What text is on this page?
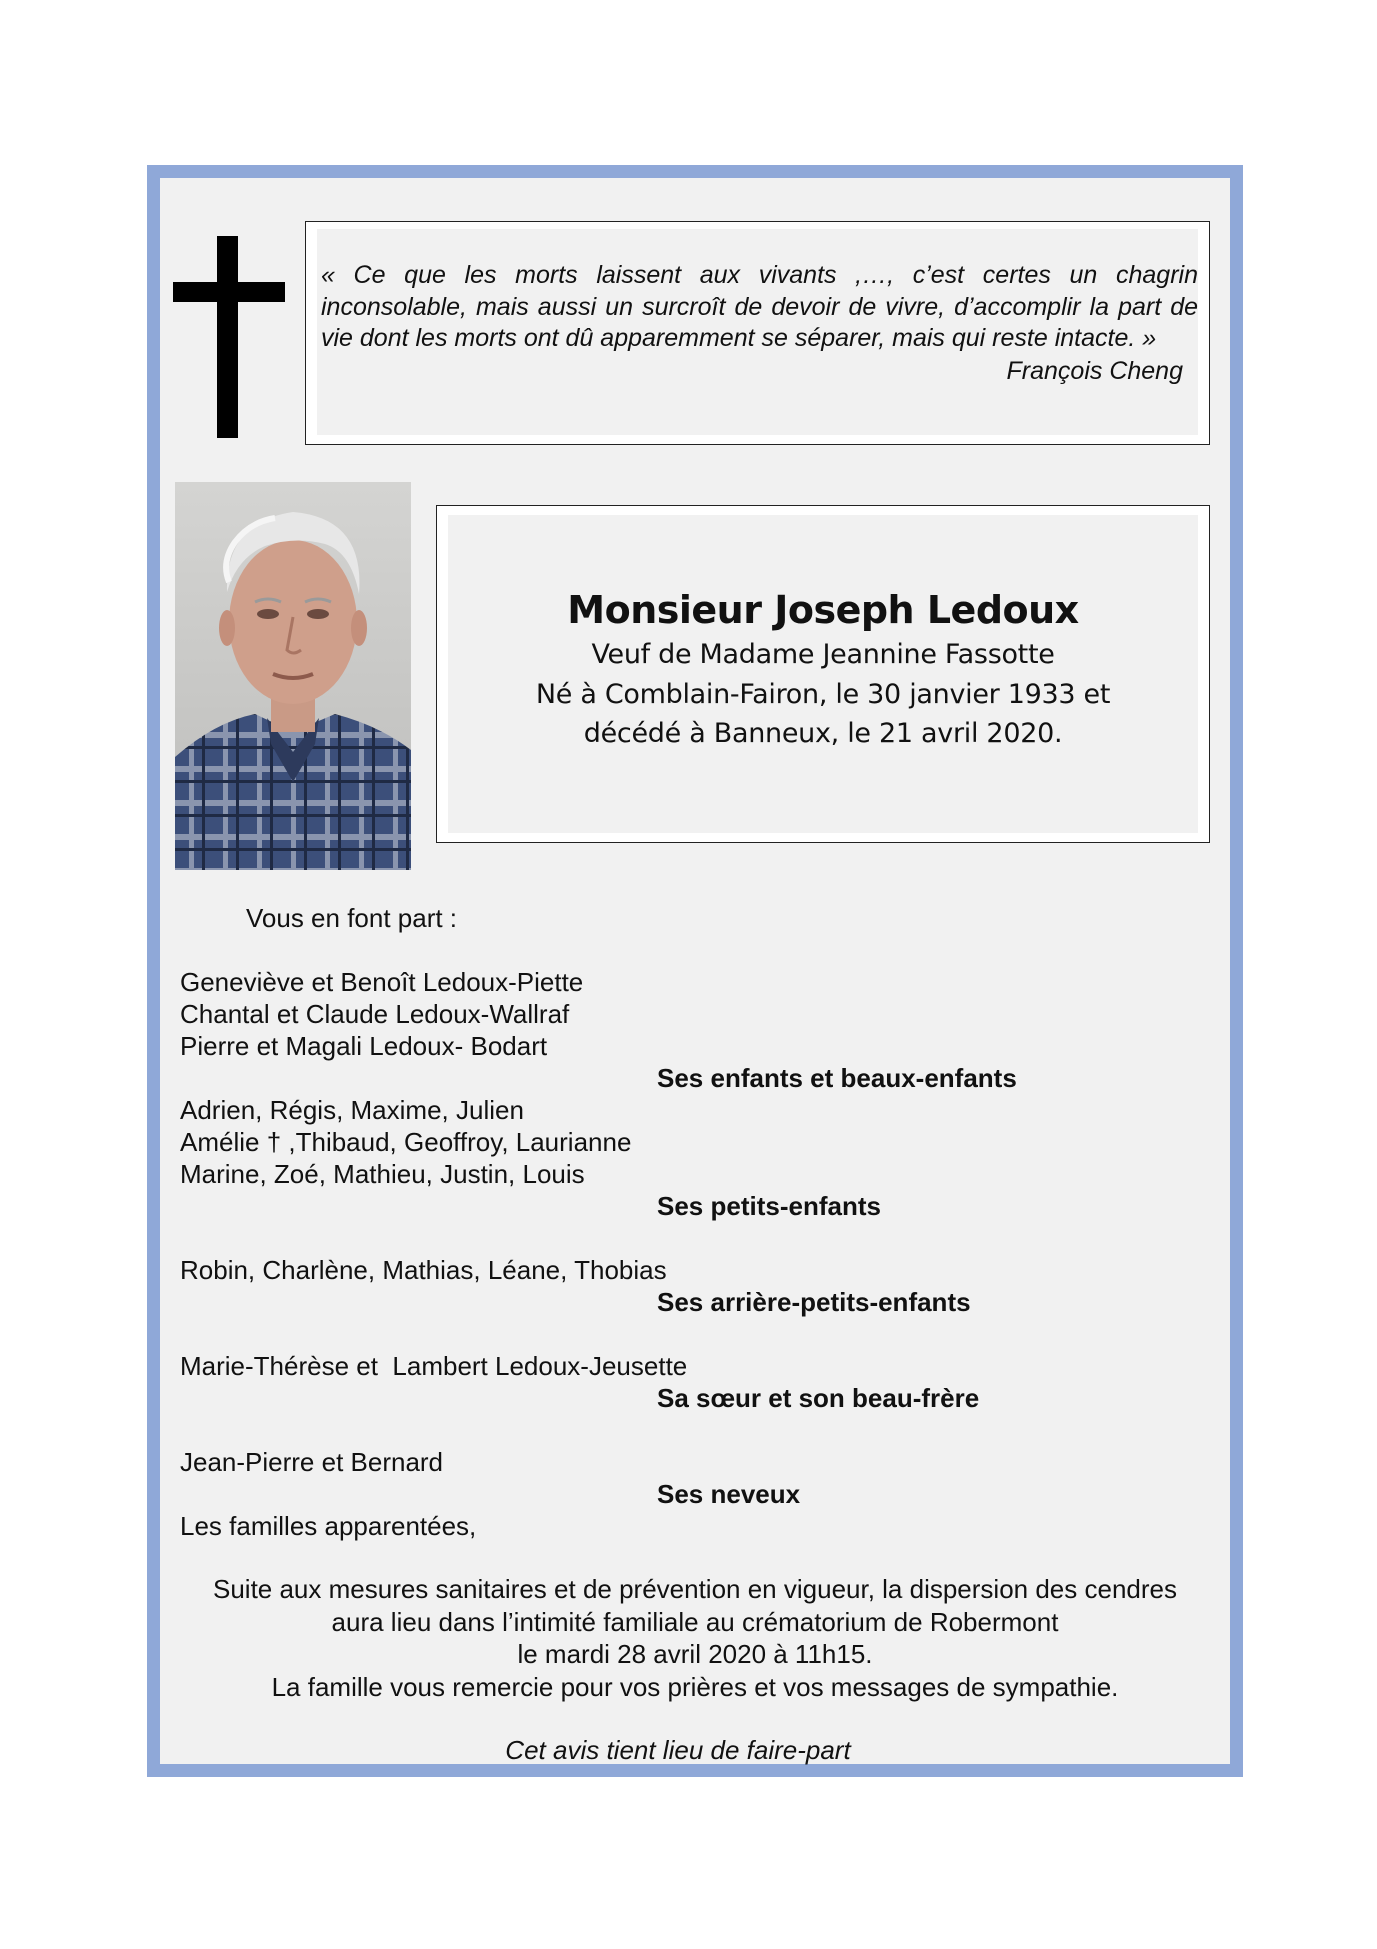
« Ce que les morts laissent aux vivants ,…, c’est certes un chagrin inconsolable, mais aussi un surcroît de devoir de vivre, d’accomplir la part de vie dont les morts ont dû apparemment se séparer, mais qui reste intacte. »

François Cheng

Monsieur Joseph Ledoux

Veuf de Madame Jeannine Fassotte

Né à Comblain-Fairon, le 30 janvier 1933 et

décédé à Banneux, le 21 avril 2020.

Vous en font part :

Geneviève et Benoît Ledoux-Piette

Chantal et Claude Ledoux-Wallraf

Pierre et Magali Ledoux- Bodart

Ses enfants et beaux-enfants

Adrien, Régis, Maxime, Julien

Amélie † ,Thibaud, Geoffroy, Laurianne

Marine, Zoé, Mathieu, Justin, Louis

Ses petits-enfants

Robin, Charlène, Mathias, Léane, Thobias

Ses arrière-petits-enfants

Marie-Thérèse et  Lambert Ledoux-Jeusette

Sa sœur et son beau-frère

Jean-Pierre et Bernard

Ses neveux

Les familles apparentées,

Suite aux mesures sanitaires et de prévention en vigueur, la dispersion des cendres
aura lieu dans l’intimité familiale au crématorium de Robermont
le mardi 28 avril 2020 à 11h15.
La famille vous remercie pour vos prières et vos messages de sympathie.
Cet avis tient lieu de faire-part
